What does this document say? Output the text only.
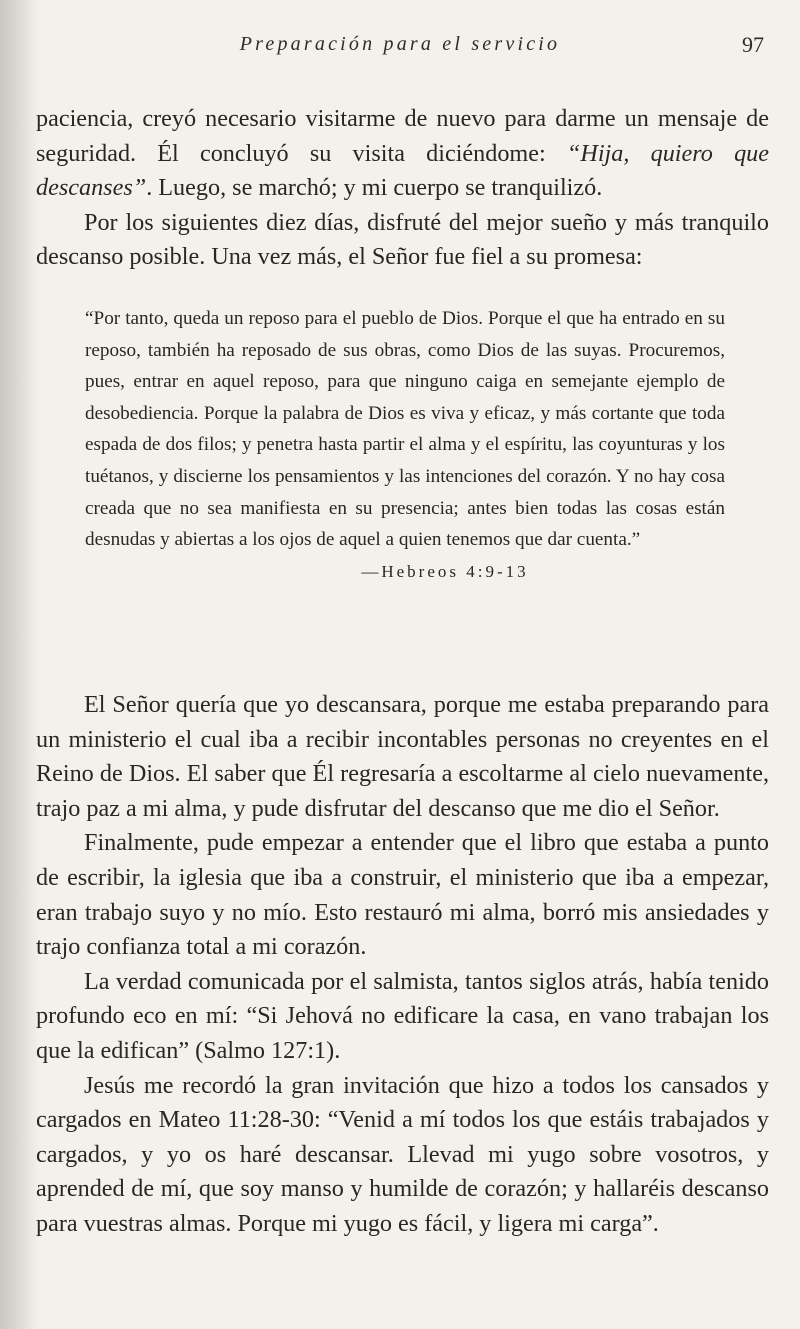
Preparación para el servicio	97

paciencia, creyó necesario visitarme de nuevo para darme un mensaje de seguridad. Él concluyó su visita diciéndome: “Hija, quiero que descanses”. Luego, se marchó; y mi cuerpo se tranquilizó.

Por los siguientes diez días, disfruté del mejor sueño y más tranquilo descanso posible. Una vez más, el Señor fue fiel a su promesa:

“Por tanto, queda un reposo para el pueblo de Dios. Porque el que ha entrado en su reposo, también ha reposado de sus obras, como Dios de las suyas. Procuremos, pues, entrar en aquel reposo, para que ninguno caiga en semejante ejemplo de desobediencia. Porque la palabra de Dios es viva y eficaz, y más cortante que toda espada de dos filos; y penetra hasta partir el alma y el espíritu, las coyunturas y los tuétanos, y discierne los pensamientos y las intenciones del corazón. Y no hay cosa creada que no sea manifiesta en su presencia; antes bien todas las cosas están desnudas y abiertas a los ojos de aquel a quien tenemos que dar cuenta.”

—Hebreos 4:9-13

El Señor quería que yo descansara, porque me estaba preparando para un ministerio el cual iba a recibir incontables personas no creyentes en el Reino de Dios. El saber que Él regresaría a escoltarme al cielo nuevamente, trajo paz a mi alma, y pude disfrutar del descanso que me dio el Señor.

Finalmente, pude empezar a entender que el libro que estaba a punto de escribir, la iglesia que iba a construir, el ministerio que iba a empezar, eran trabajo suyo y no mío. Esto restauró mi alma, borró mis ansiedades y trajo confianza total a mi corazón.

La verdad comunicada por el salmista, tantos siglos atrás, había tenido profundo eco en mí: “Si Jehová no edificare la casa, en vano trabajan los que la edifican” (Salmo 127:1).

Jesús me recordó la gran invitación que hizo a todos los cansados y cargados en Mateo 11:28-30: “Venid a mí todos los que estáis trabajados y cargados, y yo os haré descansar. Llevad mi yugo sobre vosotros, y aprended de mí, que soy manso y humilde de corazón; y hallaréis descanso para vuestras almas. Porque mi yugo es fácil, y ligera mi carga”.
